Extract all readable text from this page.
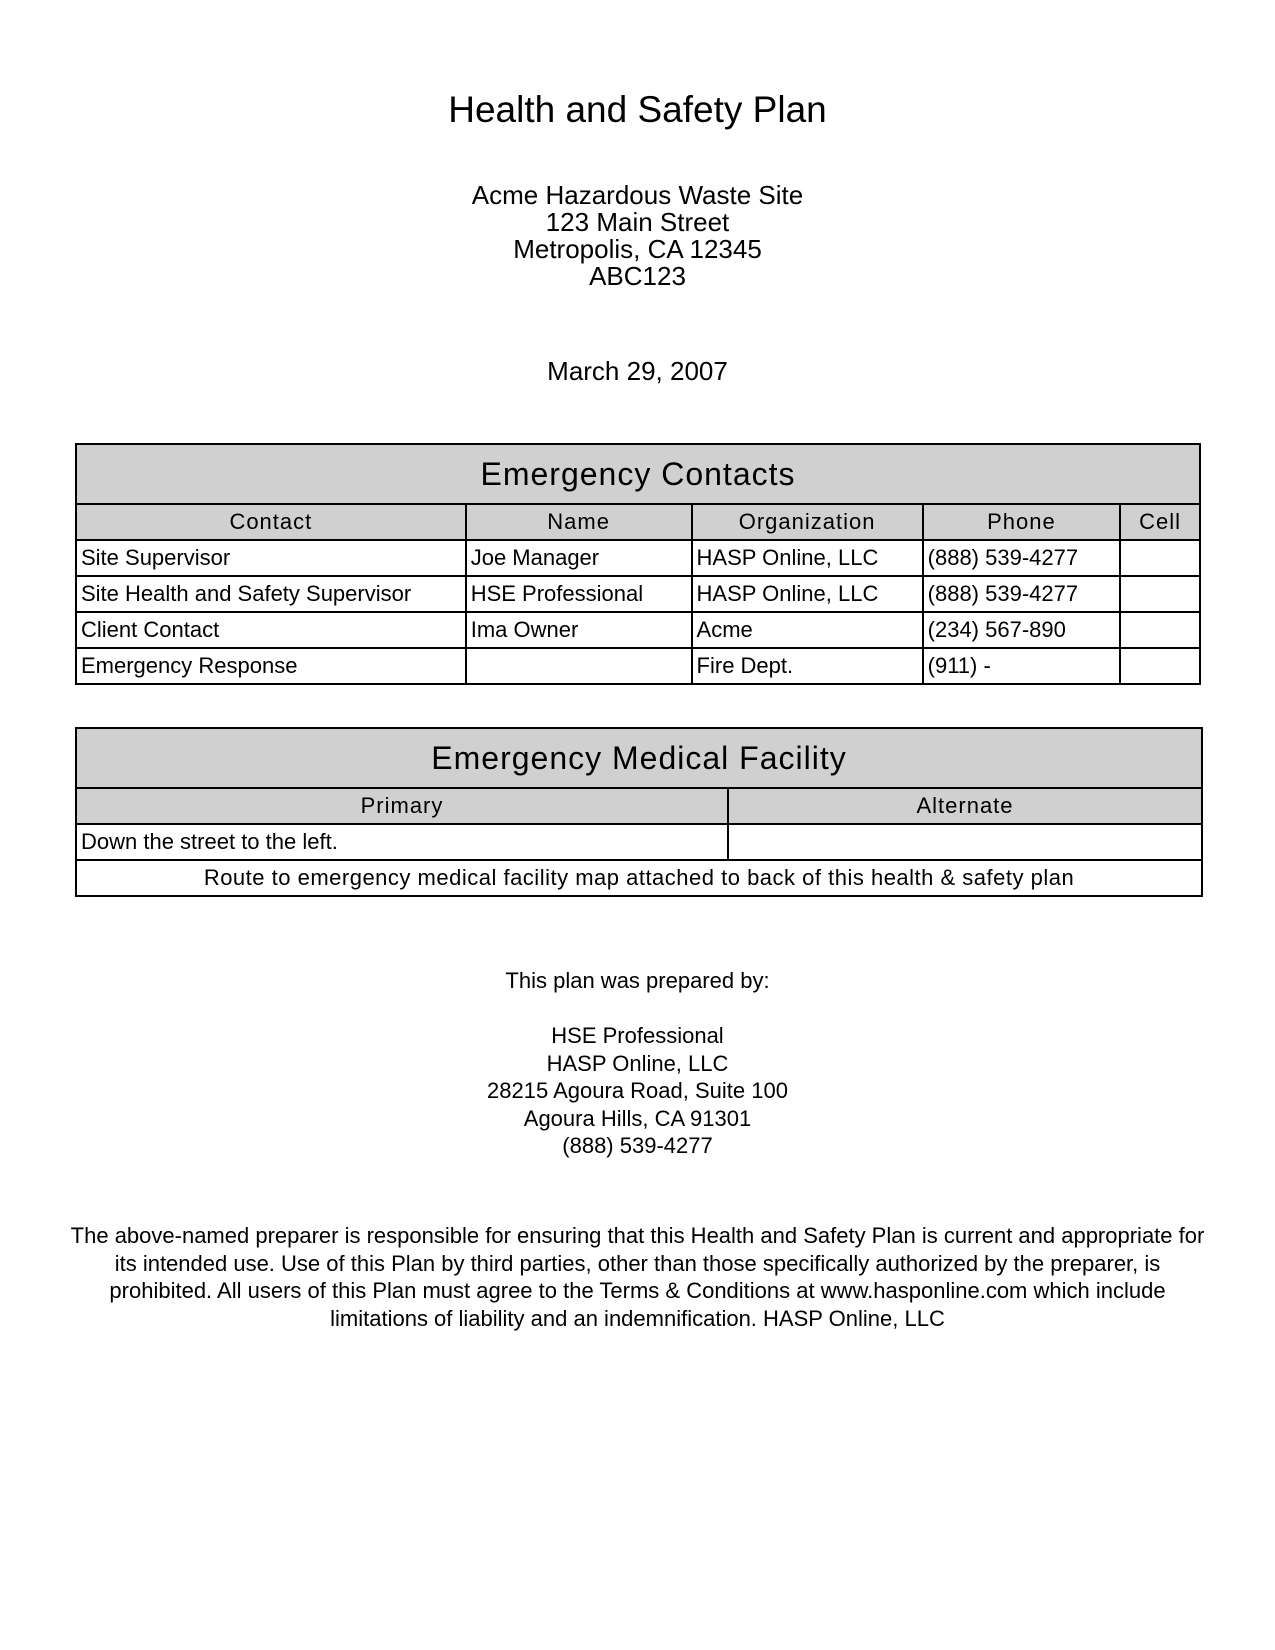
Health and Safety Plan
Acme Hazardous Waste Site
123 Main Street
Metropolis, CA 12345
ABC123
March 29, 2007
Emergency Contacts				
Contact	Name	Organization	Phone	Cell
Site Supervisor	Joe Manager	HASP Online, LLC	(888) 539-4277	
Site Health and Safety Supervisor	HSE Professional	HASP Online, LLC	(888) 539-4277	
Client Contact	Ima Owner	Acme	(234) 567-890	
Emergency Response		Fire Dept.	(911) -	
Emergency Medical Facility	
Primary	Alternate
Down the street to the left.	
Route to emergency medical facility map attached to back of this health & safety plan	
This plan was prepared by:
HSE Professional
HASP Online, LLC
28215 Agoura Road, Suite 100
Agoura Hills, CA 91301
(888) 539-4277
The above-named preparer is responsible for ensuring that this Health and Safety Plan is current and appropriate for its intended use. Use of this Plan by third parties, other than those specifically authorized by the preparer, is prohibited. All users of this Plan must agree to the Terms & Conditions at www.hasponline.com which include limitations of liability and an indemnification. HASP Online, LLC
